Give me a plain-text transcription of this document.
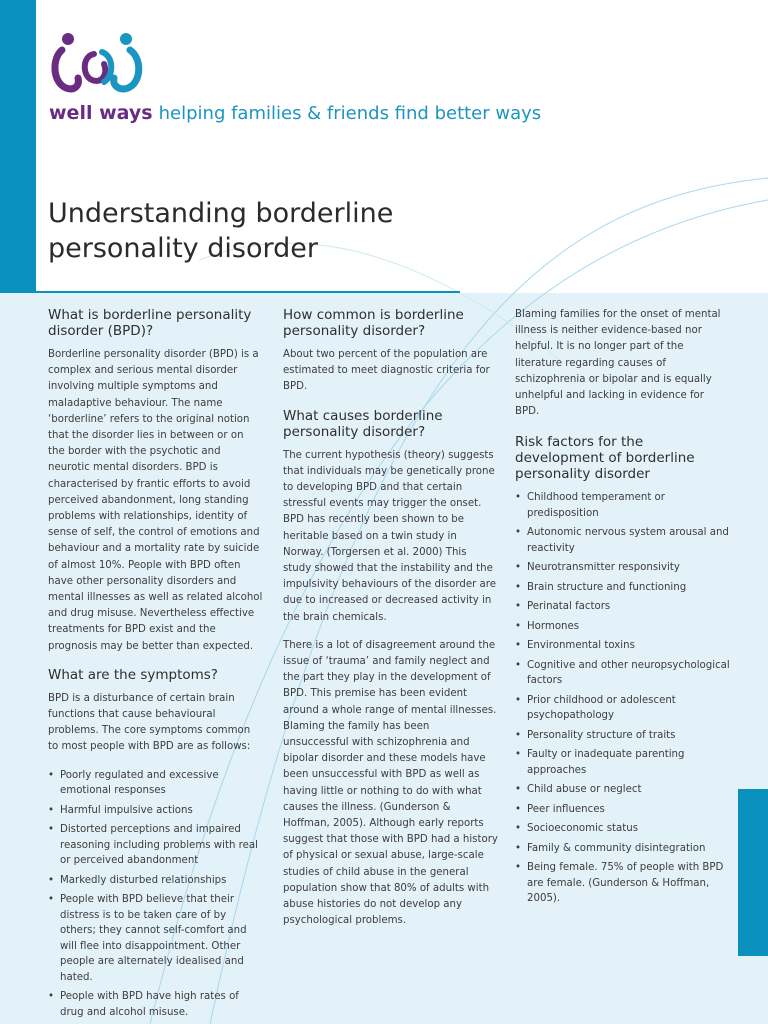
well ways helping families & friends find better ways
Understanding borderline personality disorder
What is borderline personality disorder (BPD)?

Borderline personality disorder (BPD) is a complex and serious mental disorder involving multiple symptoms and maladaptive behaviour. The name ‘borderline’ refers to the original notion that the disorder lies in between or on the border with the psychotic and neurotic mental disorders. BPD is characterised by frantic efforts to avoid perceived abandonment, long standing problems with relationships, identity of sense of self, the control of emotions and behaviour and a mortality rate by suicide of almost 10%. People with BPD often have other personality disorders and mental illnesses as well as related alcohol and drug misuse. Nevertheless effective treatments for BPD exist and the prognosis may be better than expected.

What are the symptoms?

BPD is a disturbance of certain brain functions that cause behavioural problems. The core symptoms common to most people with BPD are as follows:

• Poorly regulated and excessive emotional responses
• Harmful impulsive actions
• Distorted perceptions and impaired reasoning including problems with real or perceived abandonment
• Markedly disturbed relationships
• People with BPD believe that their distress is to be taken care of by others; they cannot self-comfort and will flee into disappointment. Other people are alternately idealised and hated.
• People with BPD have high rates of drug and alcohol misuse.
How common is borderline personality disorder?

About two percent of the population are estimated to meet diagnostic criteria for BPD.

What causes borderline personality disorder?

The current hypothesis (theory) suggests that individuals may be genetically prone to developing BPD and that certain stressful events may trigger the onset. BPD has recently been shown to be heritable based on a twin study in Norway. (Torgersen et al. 2000) This study showed that the instability and the impulsivity behaviours of the disorder are due to increased or decreased activity in the brain chemicals.

There is a lot of disagreement around the issue of ‘trauma’ and family neglect and the part they play in the development of BPD. This premise has been evident around a whole range of mental illnesses. Blaming the family has been unsuccessful with schizophrenia and bipolar disorder and these models have been unsuccessful with BPD as well as having little or nothing to do with what causes the illness. (Gunderson & Hoffman, 2005). Although early reports suggest that those with BPD had a history of physical or sexual abuse, large-scale studies of child abuse in the general population show that 80% of adults with abuse histories do not develop any psychological problems.

Blaming families for the onset of mental illness is neither evidence-based nor helpful. It is no longer part of the literature regarding causes of schizophrenia or bipolar and is equally unhelpful and lacking in evidence for BPD.

Risk factors for the development of borderline personality disorder
• Childhood temperament or predisposition
• Autonomic nervous system arousal and reactivity
• Neurotransmitter responsivity
• Brain structure and functioning
• Perinatal factors
• Hormones
• Environmental toxins
• Cognitive and other neuropsychological factors
• Prior childhood or adolescent psychopathology
• Personality structure of traits
• Faulty or inadequate parenting approaches
• Child abuse or neglect
• Peer influences
• Socioeconomic status
• Family & community disintegration
• Being female. 75% of people with BPD are female. (Gunderson & Hoffman, 2005).
